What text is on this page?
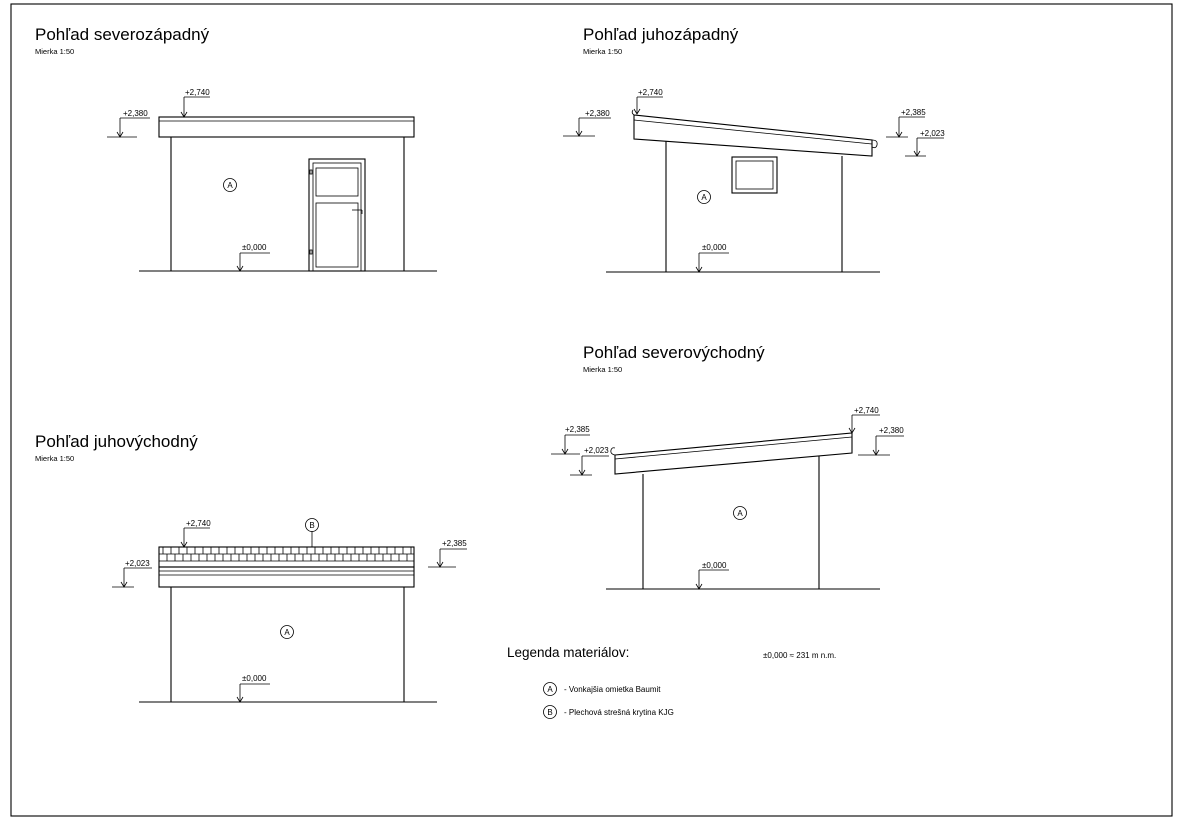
Pohľad severozápadný
Mierka 1:50
A
+2,740
+2,380
±0,000
Pohľad juhozápadný
Mierka 1:50
A
+2,740
+2,380	+2,385
+2,023
±0,000
Pohľad severovýchodný
Mierka 1:50
A
+2,740
+2,380
+2,385
+2,023
±0,000
Pohľad juhovýchodný
Mierka 1:50
A
B
+2,740
+2,385
+2,023
±0,000
Legenda materiálov:	±0,000 ≈ 231 m n.m.
A - Vonkajšia omietka Baumit
B - Plechová strešná krytina KJG
